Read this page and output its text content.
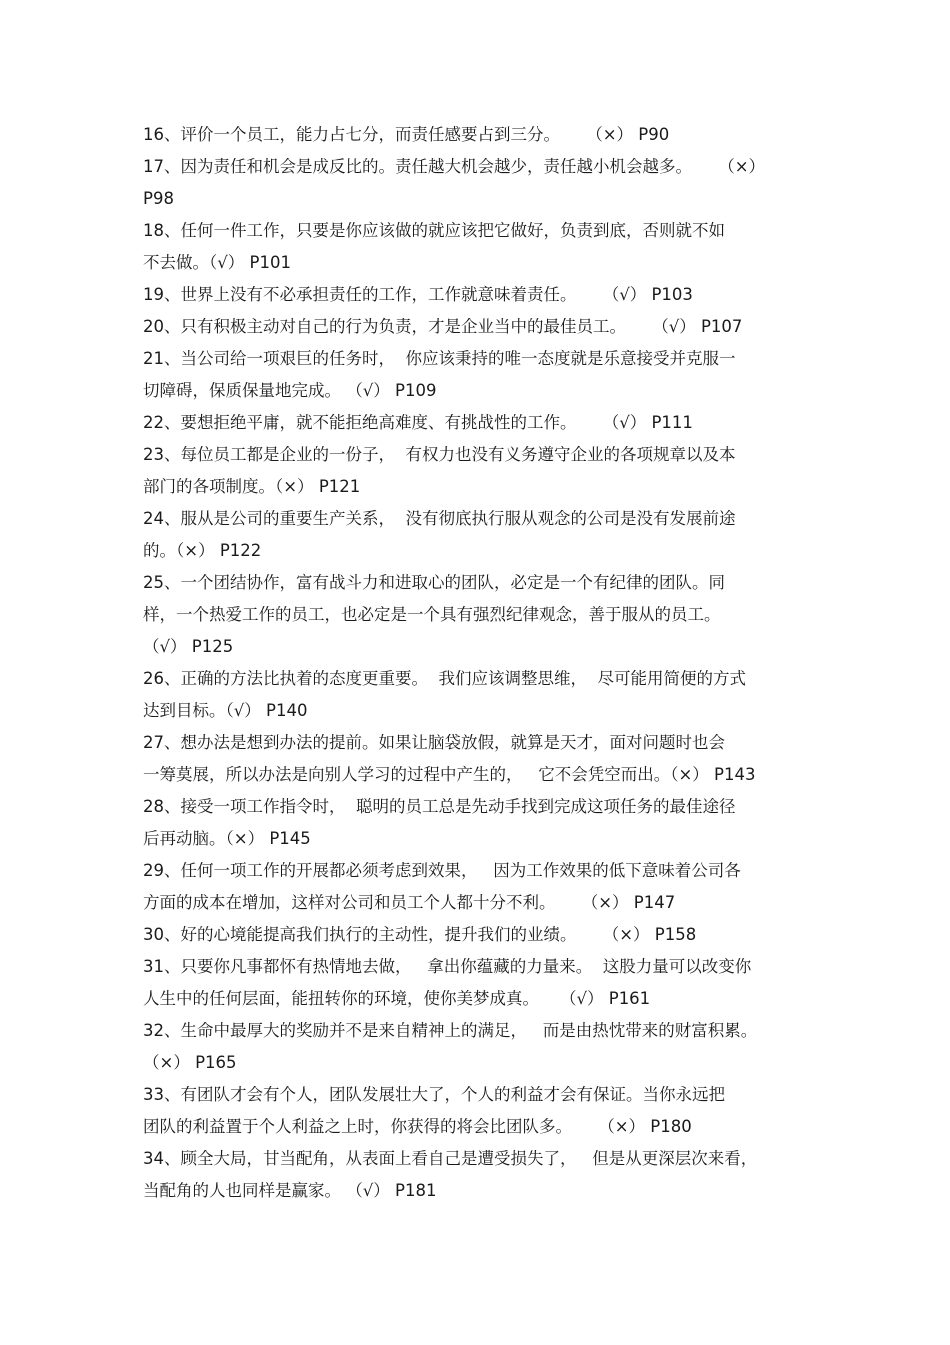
16、评价一个员工，能力占七分，而责任感要占到三分。     （×） P90
17、因为责任和机会是成反比的。责任越大机会越少，责任越小机会越多。     （×）
P98
18、任何一件工作，只要是你应该做的就应该把它做好，负责到底，否则就不如
不去做。（√） P101
19、世界上没有不必承担责任的工作，工作就意味着责任。     （√） P103
20、只有积极主动对自己的行为负责，才是企业当中的最佳员工。     （√） P107
21、当公司给一项艰巨的任务时，  你应该秉持的唯一态度就是乐意接受并克服一
切障碍，保质保量地完成。 （√） P109
22、要想拒绝平庸，就不能拒绝高难度、有挑战性的工作。     （√） P111
23、每位员工都是企业的一份子，  有权力也没有义务遵守企业的各项规章以及本
部门的各项制度。（×） P121
24、服从是公司的重要生产关系，  没有彻底执行服从观念的公司是没有发展前途
的。（×） P122
25、一个团结协作，富有战斗力和进取心的团队，必定是一个有纪律的团队。同
样，一个热爱工作的员工，也必定是一个具有强烈纪律观念，善于服从的员工。
（√） P125
26、正确的方法比执着的态度更重要。  我们应该调整思维，  尽可能用简便的方式
达到目标。（√） P140
27、想办法是想到办法的提前。如果让脑袋放假，就算是天才，面对问题时也会
一筹莫展，所以办法是向别人学习的过程中产生的，   它不会凭空而出。（×） P143
28、接受一项工作指令时，  聪明的员工总是先动手找到完成这项任务的最佳途径
后再动脑。（×） P145
29、任何一项工作的开展都必须考虑到效果，   因为工作效果的低下意味着公司各
方面的成本在增加，这样对公司和员工个人都十分不利。     （×） P147
30、好的心境能提高我们执行的主动性，提升我们的业绩。     （×） P158
31、只要你凡事都怀有热情地去做，   拿出你蕴藏的力量来。  这股力量可以改变你
人生中的任何层面，能扭转你的环境，使你美梦成真。    （√） P161
32、生命中最厚大的奖励并不是来自精神上的满足，   而是由热忱带来的财富积累。
（×） P165
33、有团队才会有个人，团队发展壮大了，个人的利益才会有保证。当你永远把
团队的利益置于个人利益之上时，你获得的将会比团队多。     （×） P180
34、顾全大局，甘当配角，从表面上看自己是遭受损失了，   但是从更深层次来看，
当配角的人也同样是赢家。 （√） P181
